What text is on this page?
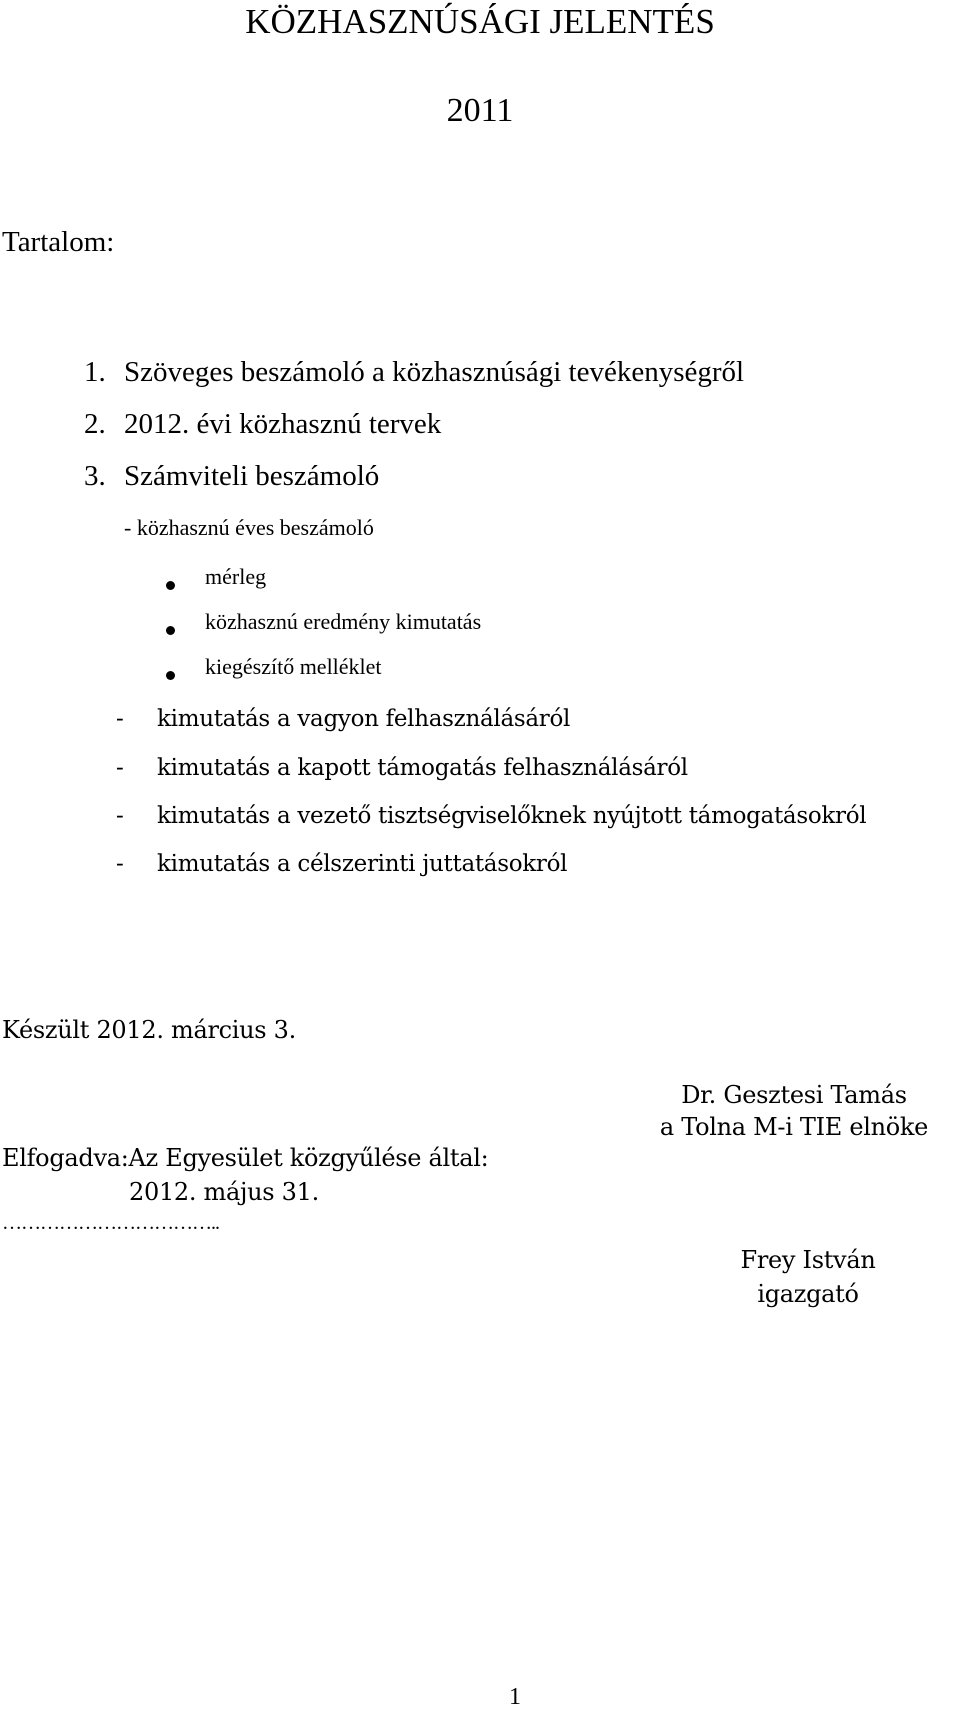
KÖZHASZNÚSÁGI JELENTÉS
2011
Tartalom:
1. Szöveges beszámoló a közhasznúsági tevékenységről
2. 2012. évi közhasznú tervek
3. Számviteli beszámoló
- közhasznú éves beszámoló
mérleg
közhasznú eredmény kimutatás
kiegészítő melléklet
- kimutatás a vagyon felhasználásáról
- kimutatás a kapott támogatás felhasználásáról
- kimutatás a vezető tisztségviselőknek nyújtott támogatásokról
- kimutatás a célszerinti juttatásokról
Készült 2012. március 3.
Dr. Gesztesi Tamás
a Tolna M-i TIE elnöke
Elfogadva:Az Egyesület közgyűlése által:
2012. május 31.
……………………………..
Frey István
igazgató
1
